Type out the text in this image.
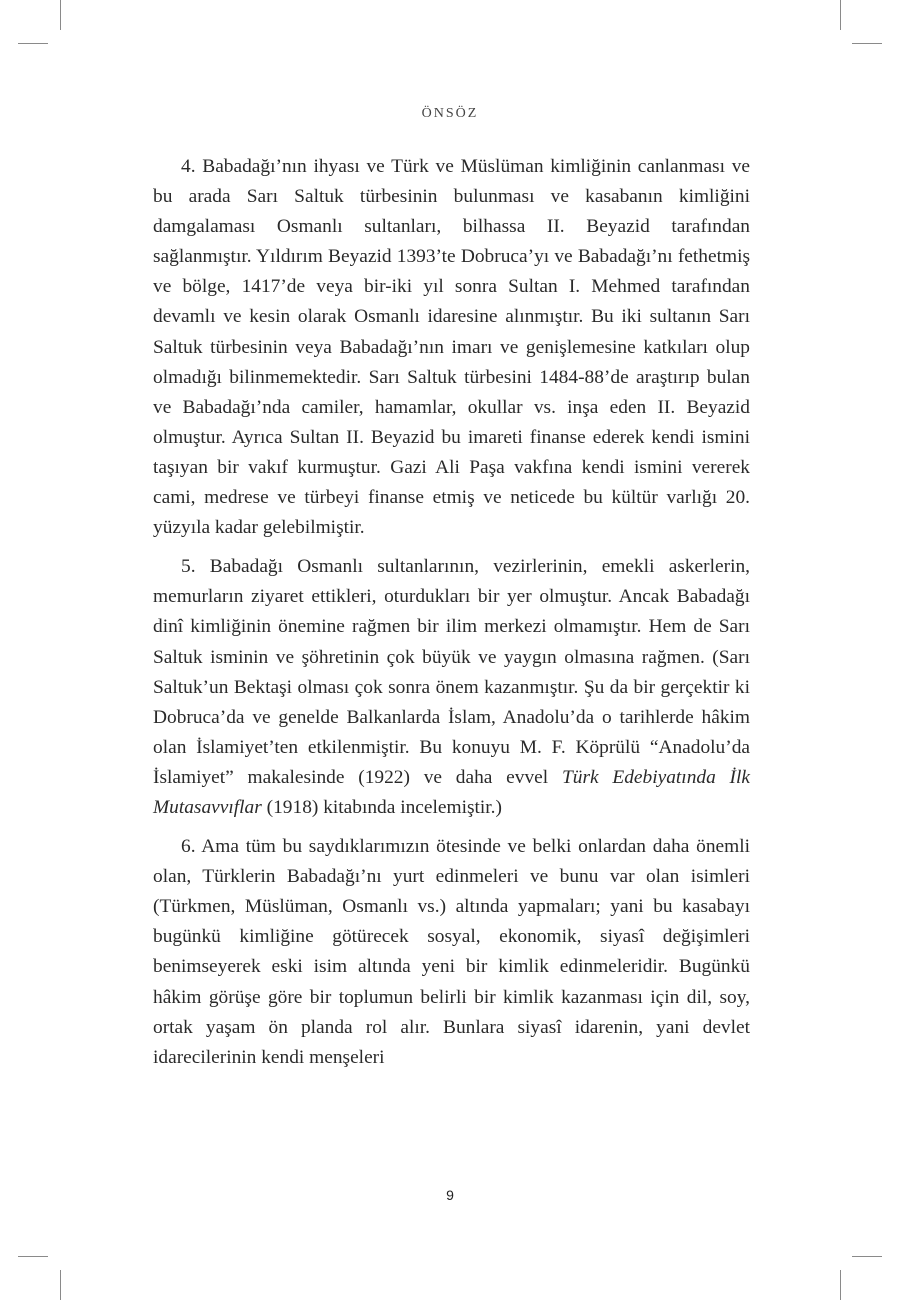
ÖNSÖZ

4. Babadağı’nın ihyası ve Türk ve Müslüman kimliğinin canlanması ve bu arada Sarı Saltuk türbesinin bulunması ve kasabanın kimliğini damgalaması Osmanlı sultanları, bilhassa II. Beyazid tarafından sağlanmıştır. Yıldırım Beyazid 1393’te Dobruca’yı ve Babadağı’nı fethetmiş ve bölge, 1417’de veya bir-iki yıl sonra Sultan I. Mehmed tarafından devamlı ve kesin olarak Osmanlı idaresine alınmıştır. Bu iki sultanın Sarı Saltuk türbesinin veya Babadağı’nın imarı ve genişlemesine katkıları olup olmadığı bilinmemektedir. Sarı Saltuk türbesini 1484-88’de araştırıp bulan ve Babadağı’nda camiler, hamamlar, okullar vs. inşa eden II. Beyazid olmuştur. Ayrıca Sultan II. Beyazid bu imareti finanse ederek kendi ismini taşıyan bir vakıf kurmuştur. Gazi Ali Paşa vakfına kendi ismini vererek cami, medrese ve türbeyi finanse etmiş ve neticede bu kültür varlığı 20. yüzyıla kadar gelebilmiştir.

5. Babadağı Osmanlı sultanlarının, vezirlerinin, emekli askerlerin, memurların ziyaret ettikleri, oturdukları bir yer olmuştur. Ancak Babadağı dinî kimliğinin önemine rağmen bir ilim merkezi olmamıştır. Hem de Sarı Saltuk isminin ve şöhretinin çok büyük ve yaygın olmasına rağmen. (Sarı Saltuk’un Bektaşi olması çok sonra önem kazanmıştır. Şu da bir gerçektir ki Dobruca’da ve genelde Balkanlarda İslam, Anadolu’da o tarihlerde hâkim olan İslamiyet’ten etkilenmiştir. Bu konuyu M. F. Köprülü “Anadolu’da İslamiyet” makalesinde (1922) ve daha evvel Türk Edebiyatında İlk Mutasavvıflar (1918) kitabında incelemiştir.)

6. Ama tüm bu saydıklarımızın ötesinde ve belki onlardan daha önemli olan, Türklerin Babadağı’nı yurt edinmeleri ve bunu var olan isimleri (Türkmen, Müslüman, Osmanlı vs.) altında yapmaları; yani bu kasabayı bugünkü kimliğine götürecek sosyal, ekonomik, siyasî değişimleri benimseyerek eski isim altında yeni bir kimlik edinmeleridir. Bugünkü hâkim görüşe göre bir toplumun belirli bir kimlik kazanması için dil, soy, ortak yaşam ön planda rol alır. Bunlara siyasî idarenin, yani devlet idarecilerinin kendi menşeleri

9
